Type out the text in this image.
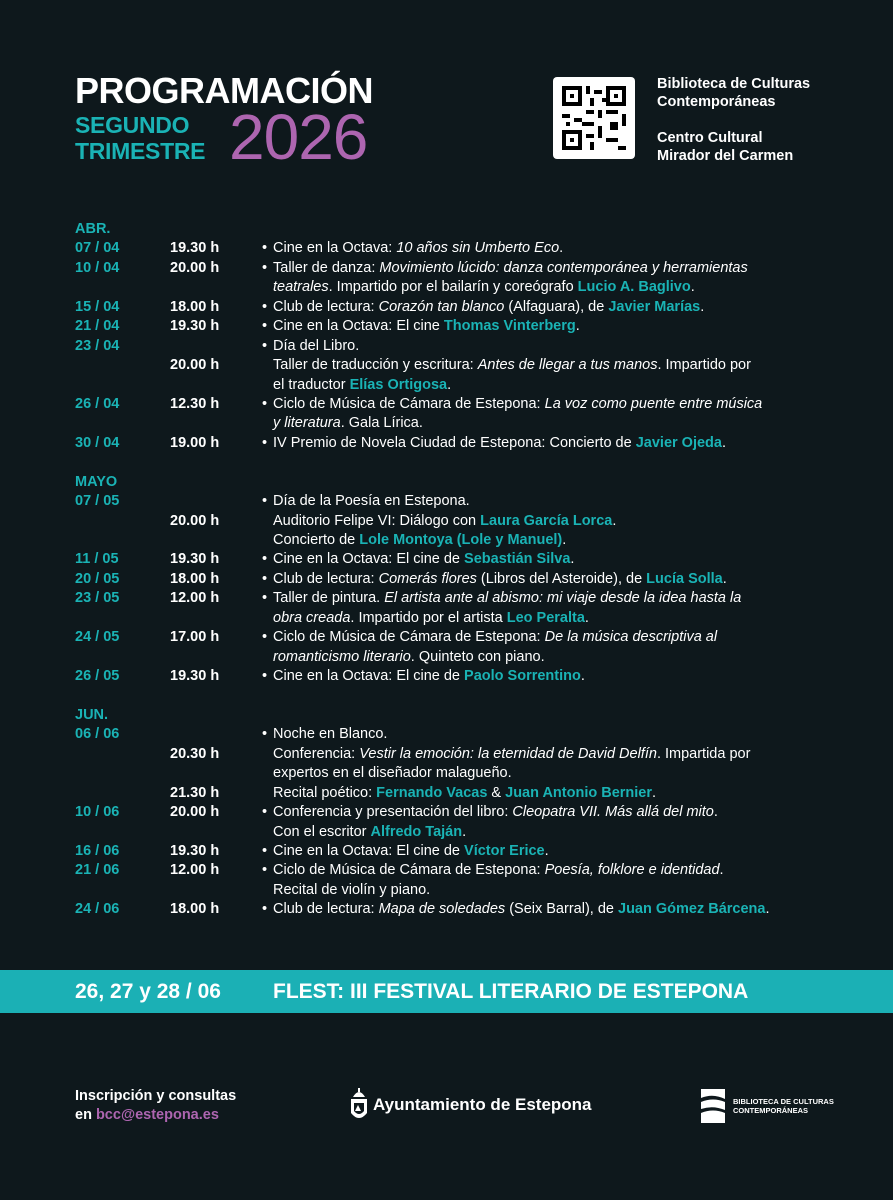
PROGRAMACIÓN
SEGUNDO
TRIMESTRE 2026
Biblioteca de Culturas
Contemporáneas
Centro Cultural
Mirador del Carmen
ABR.
07 / 04	19.30 h	• Cine en la Octava: 10 años sin Umberto Eco.
10 / 04	20.00 h	• Taller de danza: Movimiento lúcido: danza contemporánea y herramientas
teatrales. Impartido por el bailarín y coreógrafo Lucio A. Baglivo.
15 / 04	18.00 h	• Club de lectura: Corazón tan blanco (Alfaguara), de Javier Marías.
21 / 04	19.30 h	• Cine en la Octava: El cine Thomas Vinterberg.
23 / 04	• Día del Libro.
20.00 h	Taller de traducción y escritura: Antes de llegar a tus manos. Impartido por
el traductor Elías Ortigosa.
26 / 04	12.30 h	• Ciclo de Música de Cámara de Estepona: La voz como puente entre música
y literatura. Gala Lírica.
30 / 04	19.00 h	• IV Premio de Novela Ciudad de Estepona: Concierto de Javier Ojeda.
MAYO
07 / 05	• Día de la Poesía en Estepona.
20.00 h	Auditorio Felipe VI: Diálogo con Laura García Lorca.
Concierto de Lole Montoya (Lole y Manuel).
11 / 05	19.30 h	• Cine en la Octava: El cine de Sebastián Silva.
20 / 05	18.00 h	• Club de lectura: Comerás flores (Libros del Asteroide), de Lucía Solla.
23 / 05	12.00 h	• Taller de pintura. El artista ante al abismo: mi viaje desde la idea hasta la
obra creada. Impartido por el artista Leo Peralta.
24 / 05	17.00 h	• Ciclo de Música de Cámara de Estepona: De la música descriptiva al
romanticismo literario. Quinteto con piano.
26 / 05	19.30 h	• Cine en la Octava: El cine de Paolo Sorrentino.
JUN.
06 / 06	• Noche en Blanco.
20.30 h	Conferencia: Vestir la emoción: la eternidad de David Delfín. Impartida por
expertos en el diseñador malagueño.
21.30 h	Recital poético: Fernando Vacas & Juan Antonio Bernier.
10 / 06	20.00 h	• Conferencia y presentación del libro: Cleopatra VII. Más allá del mito.
Con el escritor Alfredo Taján.
16 / 06	19.30 h	• Cine en la Octava: El cine de Víctor Erice.
21 / 06	12.00 h	• Ciclo de Música de Cámara de Estepona: Poesía, folklore e identidad.
Recital de violín y piano.
24 / 06	18.00 h	• Club de lectura: Mapa de soledades (Seix Barral), de Juan Gómez Bárcena.
26, 27 y 28 / 06 FLEST: III FESTIVAL LITERARIO DE ESTEPONA
Inscripción y consultas
en bcc@estepona.es
Ayuntamiento de Estepona	BIBLIOTECA DE CULTURAS
CONTEMPORÁNEAS
